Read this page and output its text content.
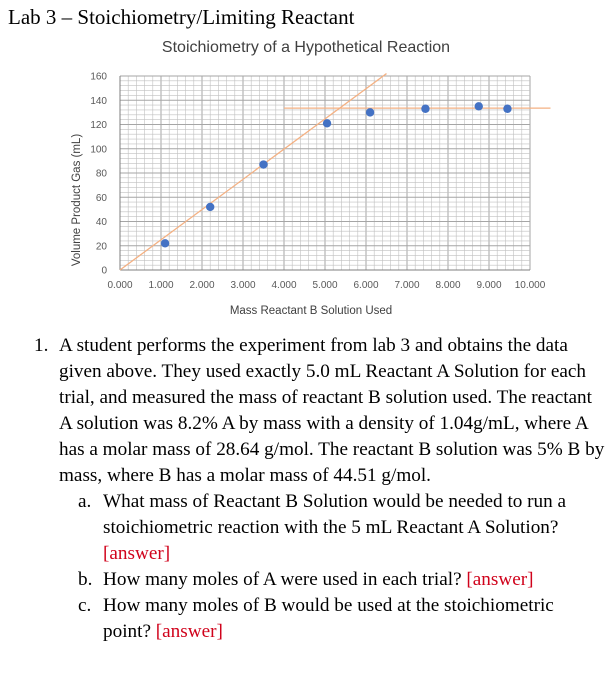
Lab 3 – Stoichiometry/Limiting Reactant
Stoichiometry of a Hypothetical Reaction
0.000 1.000 2.000 3.000 4.000 5.000 6.000 7.000 8.000 9.000 10.000
0
20
40
60
80
100
120
140
160
Mass Reactant B Solution Used
Volume Product Gas (mL)
1. A student performs the experiment from lab 3 and obtains the data given above. They used exactly 5.0 mL Reactant A Solution for each trial, and measured the mass of reactant B solution used. The reactant A solution was 8.2% A by mass with a density of 1.04g/mL, where A has a molar mass of 28.64 g/mol. The reactant B solution was 5% B by mass, where B has a molar mass of 44.51 g/mol.
a. What mass of Reactant B Solution would be needed to run a stoichiometric reaction with the 5 mL Reactant A Solution? [answer]
b. How many moles of A were used in each trial? [answer]
c. How many moles of B would be used at the stoichiometric point? [answer]
